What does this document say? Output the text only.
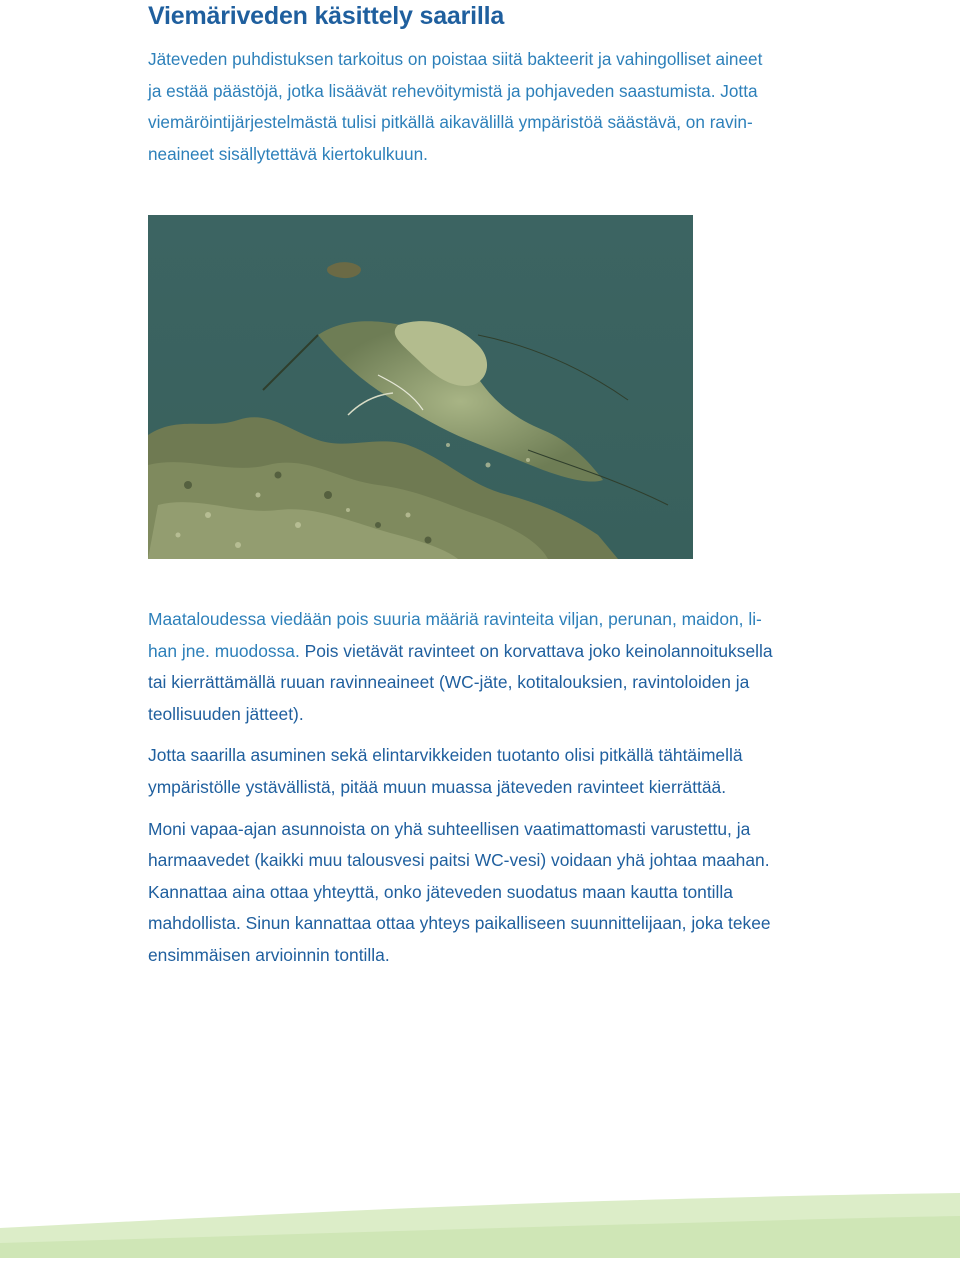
Viemäriveden käsittely saarilla
Jäteveden puhdistuksen tarkoitus on poistaa siitä bakteerit ja vahingolliset aineet
ja estää päästöjä, jotka lisäävät rehevöitymistä ja pohjaveden saastumista. Jotta
viemäröintijärjestelmästä tulisi pitkällä aikavälillä ympäristöä säästävä, on ravin-
neaineet sisällytettävä kiertokulkuun.

Maataloudessa viedään pois suuria määriä ravinteita viljan, perunan, maidon, li-
han jne. muodossa. Pois vietävät ravinteet on korvattava joko keinolannoituksella
tai kierrättämällä ruuan ravinneaineet (WC-jäte, kotitalouksien, ravintoloiden ja
teollisuuden jätteet).

Jotta saarilla asuminen sekä elintarvikkeiden tuotanto olisi pitkällä tähtäimellä
ympäristölle ystävällistä, pitää muun muassa jäteveden ravinteet kierrättää.

Moni vapaa-ajan asunnoista on yhä suhteellisen vaatimattomasti varustettu, ja
harmaavedet (kaikki muu talousvesi paitsi WC-vesi) voidaan yhä johtaa maahan.
Kannattaa aina ottaa yhteyttä, onko jäteveden suodatus maan kautta tontilla
mahdollista. Sinun kannattaa ottaa yhteys paikalliseen suunnittelijaan, joka tekee
ensimmäisen arvioinnin tontilla.
